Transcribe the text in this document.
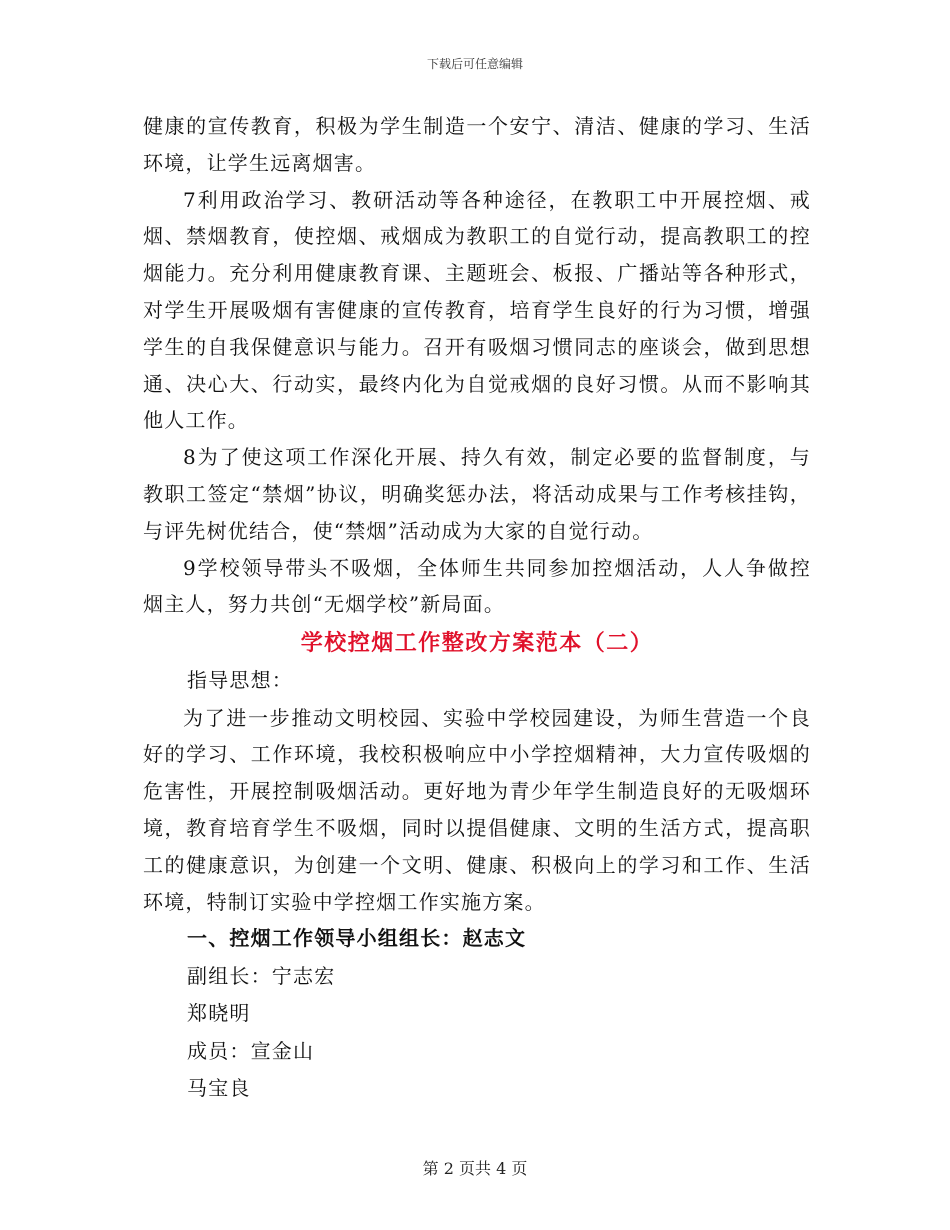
下载后可任意编辑

健康的宣传教育，积极为学生制造一个安宁、清洁、健康的学习、生活环境，让学生远离烟害。

7利用政治学习、教研活动等各种途径，在教职工中开展控烟、戒烟、禁烟教育，使控烟、戒烟成为教职工的自觉行动，提高教职工的控烟能力。充分利用健康教育课、主题班会、板报、广播站等各种形式，对学生开展吸烟有害健康的宣传教育，培育学生良好的行为习惯，增强学生的自我保健意识与能力。召开有吸烟习惯同志的座谈会，做到思想通、决心大、行动实，最终内化为自觉戒烟的良好习惯。从而不影响其他人工作。

8为了使这项工作深化开展、持久有效，制定必要的监督制度，与教职工签定“禁烟”协议，明确奖惩办法，将活动成果与工作考核挂钩，与评先树优结合，使“禁烟”活动成为大家的自觉行动。

9学校领导带头不吸烟，全体师生共同参加控烟活动，人人争做控烟主人，努力共创“无烟学校”新局面。

学校控烟工作整改方案范本（二）

指导思想：

为了进一步推动文明校园、实验中学校园建设，为师生营造一个良好的学习、工作环境，我校积极响应中小学控烟精神，大力宣传吸烟的危害性，开展控制吸烟活动。更好地为青少年学生制造良好的无吸烟环境，教育培育学生不吸烟，同时以提倡健康、文明的生活方式，提高职工的健康意识，为创建一个文明、健康、积极向上的学习和工作、生活环境，特制订实验中学控烟工作实施方案。

一、控烟工作领导小组组长：赵志文

副组长：宁志宏

郑晓明

成员：宣金山

马宝良

第 2 页共 4 页
